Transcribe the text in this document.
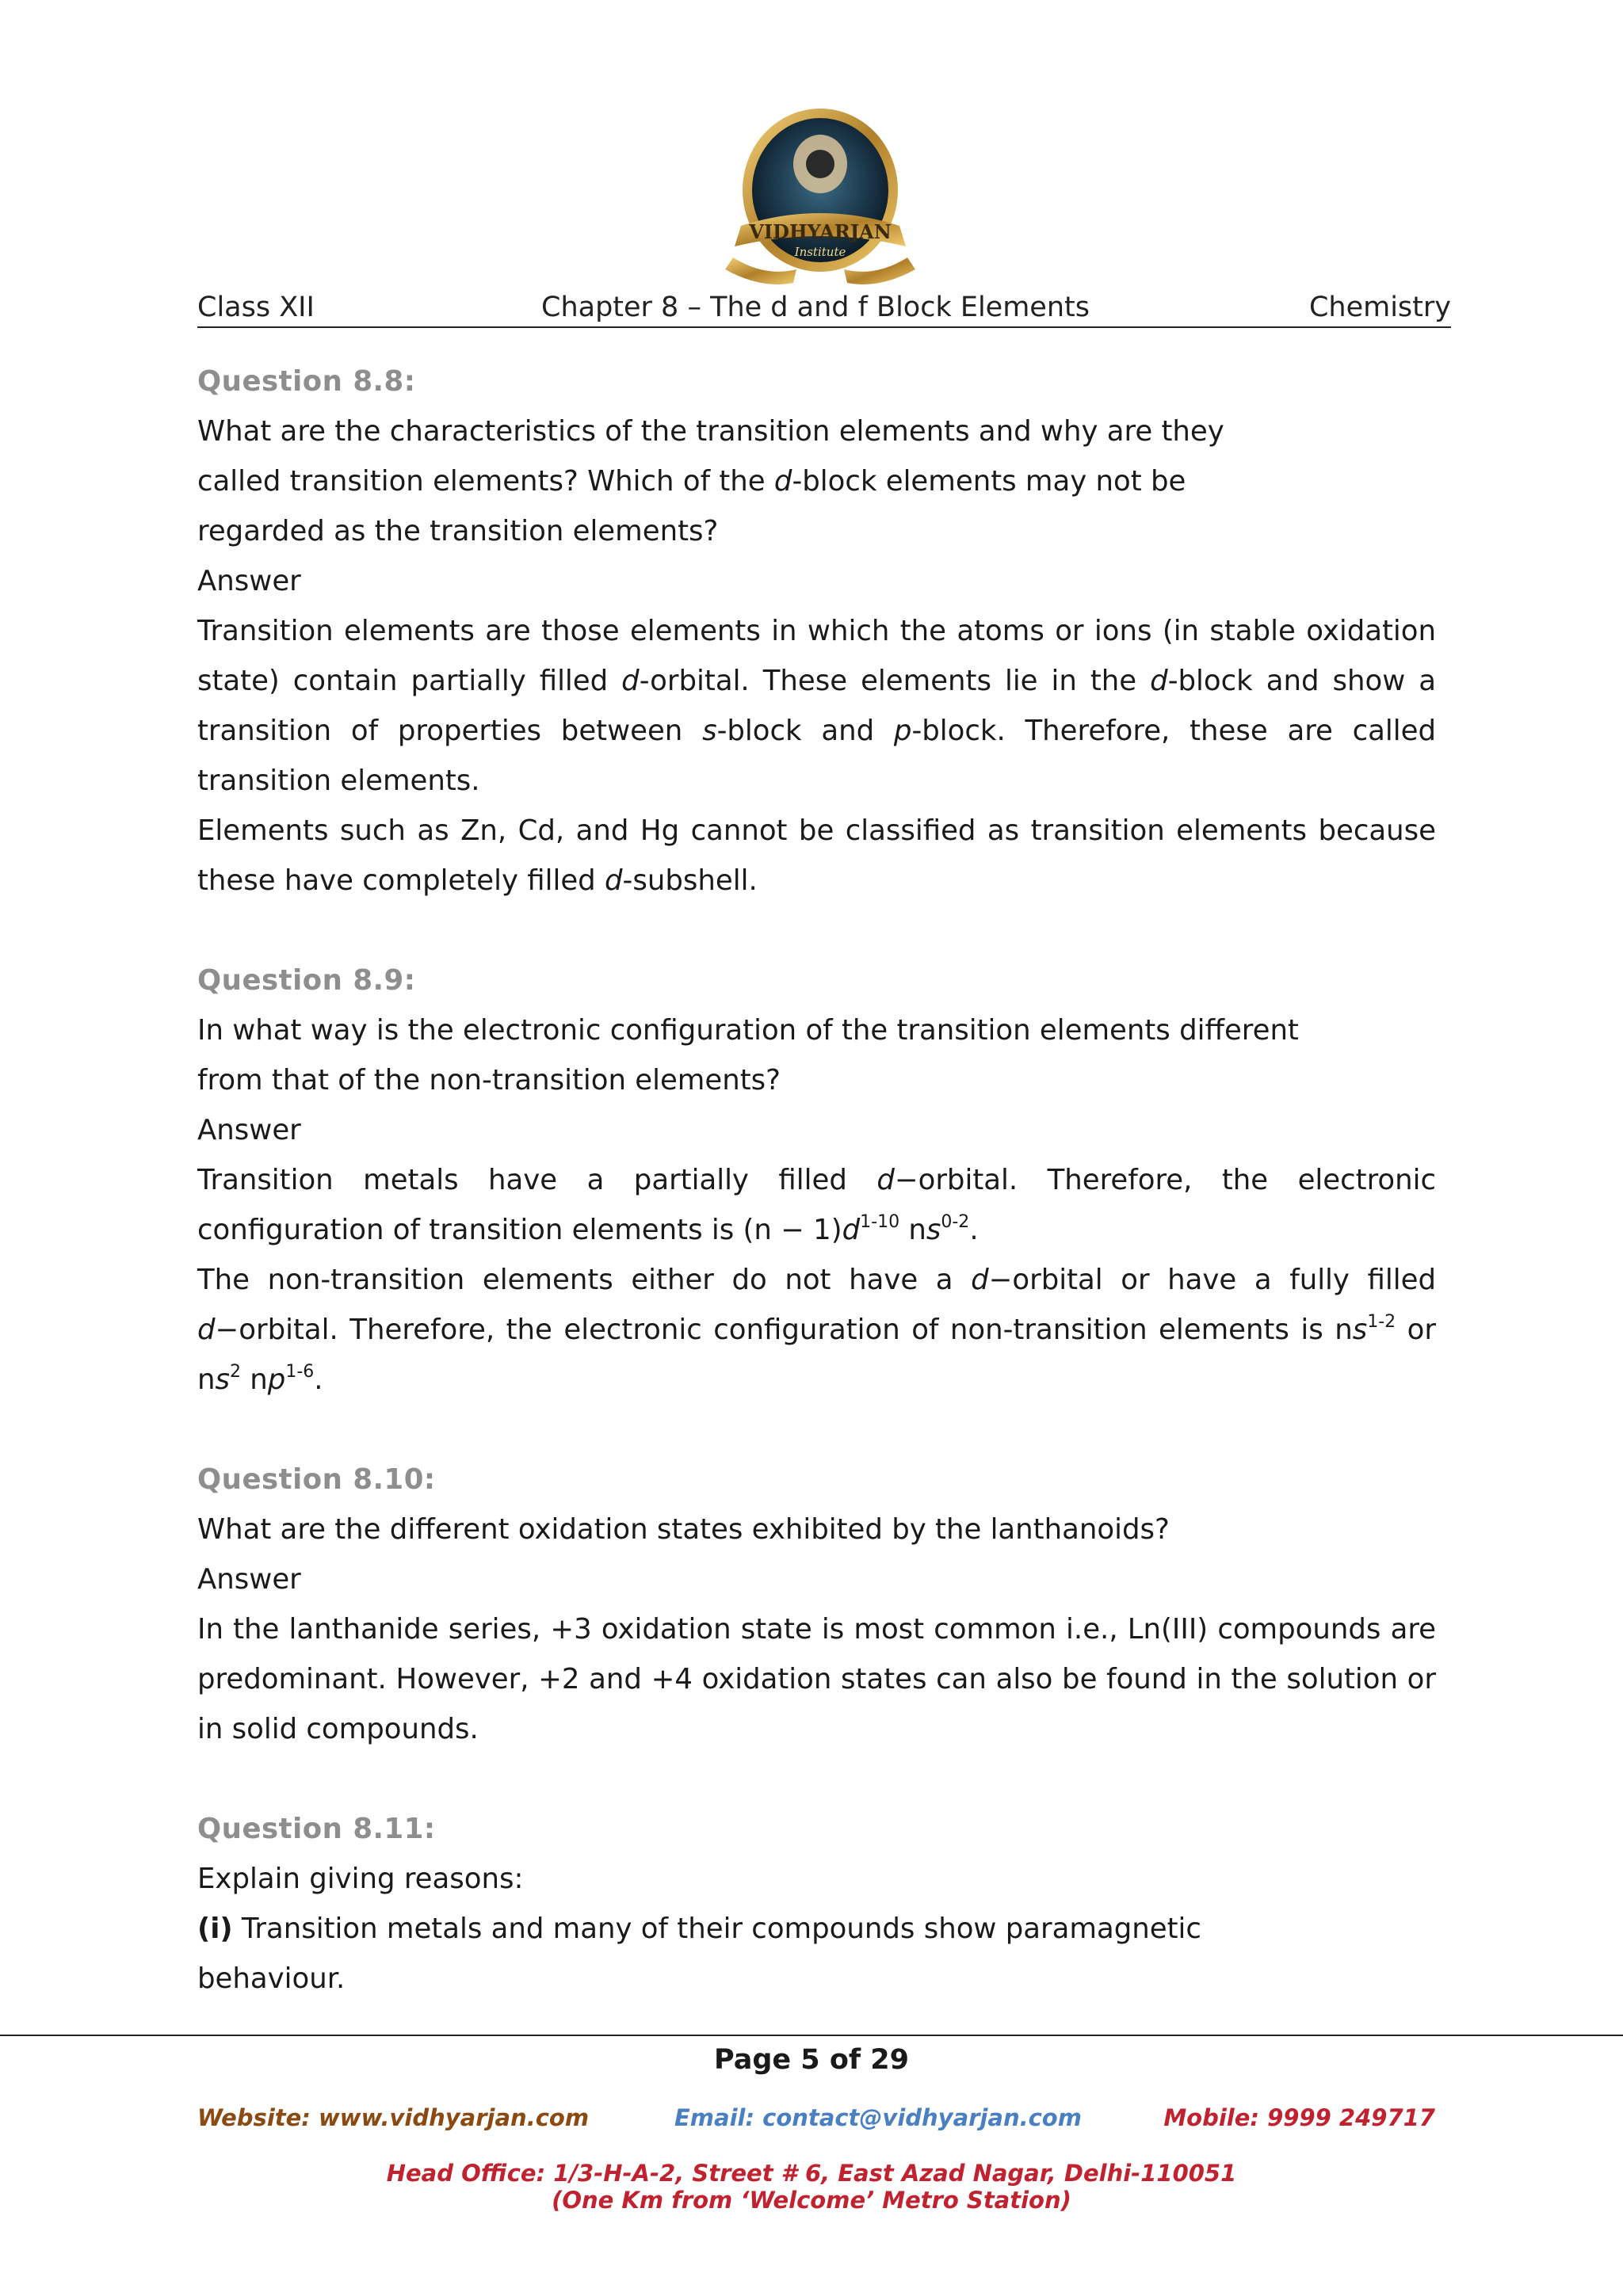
VIDHYARJAN
Institute
Class XII	Chapter 8 – The d and f Block Elements	Chemistry
Question 8.8:
What are the characteristics of the transition elements and why are they
called transition elements? Which of the d-block elements may not be
regarded as the transition elements?
Answer
Transition elements are those elements in which the atoms or ions (in stable oxidation state) contain partially filled d-orbital. These elements lie in the d-block and show a transition of properties between s-block and p-block. Therefore, these are called transition elements.
Elements such as Zn, Cd, and Hg cannot be classified as transition elements because these have completely filled d-subshell.
Question 8.9:
In what way is the electronic configuration of the transition elements different
from that of the non-transition elements?
Answer
Transition metals have a partially filled d−orbital. Therefore, the electronic configuration of transition elements is $(n - 1)d^{1-10}$ $ns^{0-2}$.
The non-transition elements either do not have a d−orbital or have a fully filled d−orbital. Therefore, the electronic configuration of non-transition elements is $ns^{1-2}$ or $ns^2$ $np^{1-6}$.
Question 8.10:
What are the different oxidation states exhibited by the lanthanoids?
Answer
In the lanthanide series, +3 oxidation state is most common i.e., Ln(III) compounds are predominant. However, +2 and +4 oxidation states can also be found in the solution or in solid compounds.
Question 8.11:
Explain giving reasons:
(i) Transition metals and many of their compounds show paramagnetic
behaviour.
Page 5 of 29
Website: www.vidhyarjan.com	Email: contact@vidhyarjan.com	Mobile: 9999 249717
Head Office: 1/3-H-A-2, Street # 6, East Azad Nagar, Delhi-110051
(One Km from ‘Welcome’ Metro Station)
